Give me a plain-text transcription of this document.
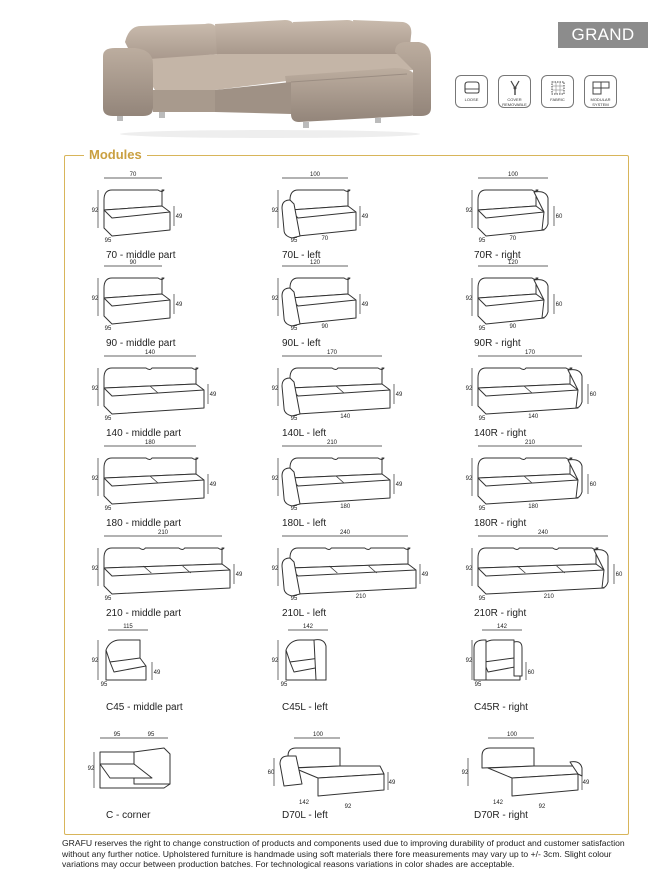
GRAND
LOOSE	COVER REMOVABLE
FABRIC	MODULAR SYSTEM
Modules
70
92
49
95
70 - middle part
100
92
49
95	70
70L - left
100
92
60
95	70
70R - right
90
92
49
95
90 - middle part
120
92
49
95	90
90L - left
120
92
60
95	90
90R - right
140
92
49
95
140 - middle part
170
92
49
95	140
140L - left
170
92
60
95	140
140R - right
180
92
49
95
180 - middle part
210
92
49
95	180
180L - left
210
92
60
95	180
180R - right
210
92
49
95
210 - middle part
240
92
49
95	210
210L - left
240
92
60
95	210
210R - right
115
92
49
95
C45 - middle part
142
92
95
C45L - left
142
92
60
95
C45R - right
95	95
92
C - corner
100
60
49
142
92
D70L - left
100
92
49
142
92
D70R - right
GRAFU reserves the right to change construction of products and components used due to improving durability of product and customer satisfaction without any further notice. Upholstered furniture is handmade using soft materials there fore measurements may vary up to +/- 3cm. Slight colour variations may occur between production batches. For technological reasons variations in color shades are acceptable.
